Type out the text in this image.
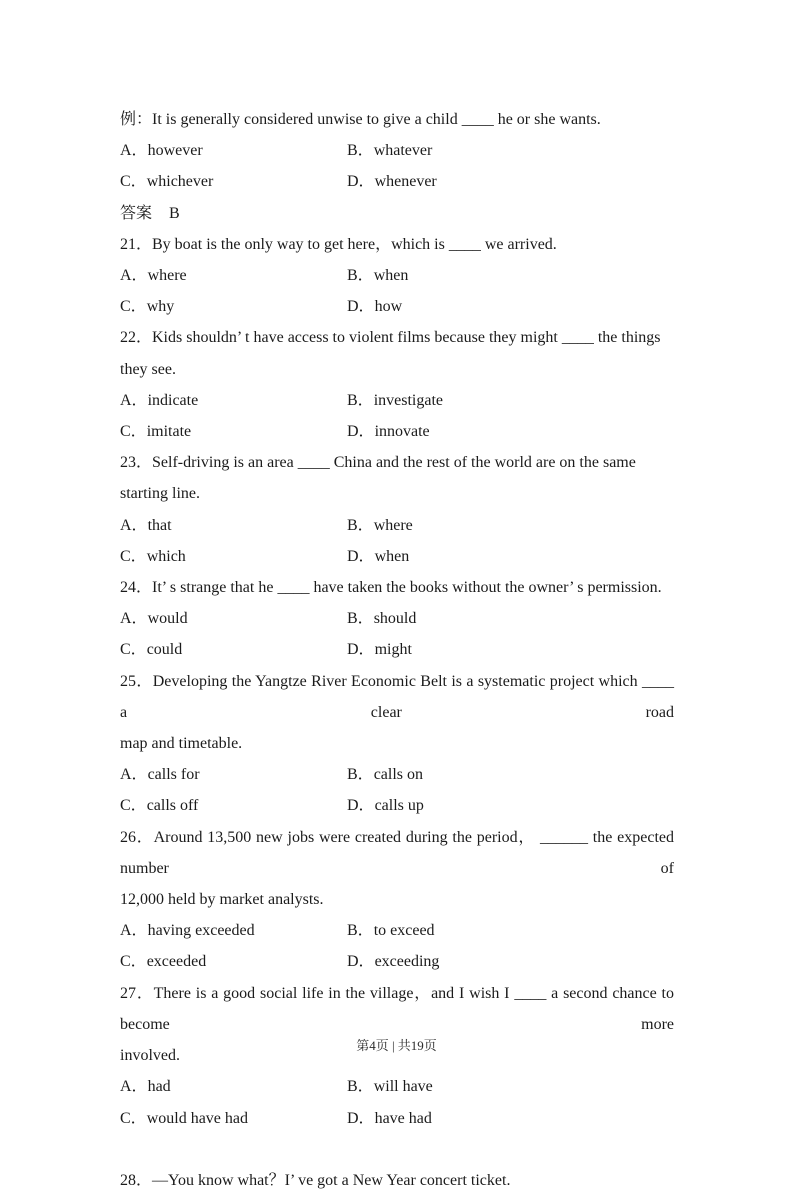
例：It is generally considered unwise to give a child ____ he or she wants.
A．however	B．whatever
C．whichever	D．whenever
答案 B
21．By boat is the only way to get here，which is ____ we arrived.
A．where	B．when
C．why	D．how
22．Kids shouldn’ t have access to violent films because they might ____ the things they see.
A．indicate	B．investigate
C．imitate	D．innovate
23．Self-driving is an area ____ China and the rest of the world are on the same starting line.
A．that	B．where
C．which	D．when
24．It’ s strange that he ____ have taken the books without the owner’ s permission.
A．would	B．should
C．could	D．might
25．Developing the Yangtze River Economic Belt is a systematic project which ____ a clear road
map and timetable.
A．calls for	B．calls on
C．calls off	D．calls up
26．Around 13,500 new jobs were created during the period， ______ the expected number of
12,000 held by market analysts.
A．having exceeded	B．to exceed
C．exceeded	D．exceeding
27．There is a good social life in the village，and I wish I ____ a second chance to become more
involved.
A．had	B．will have
C．would have had	D．have had
28．—You know what？I’ ve got a New Year concert ticket.
第4页 | 共19页
